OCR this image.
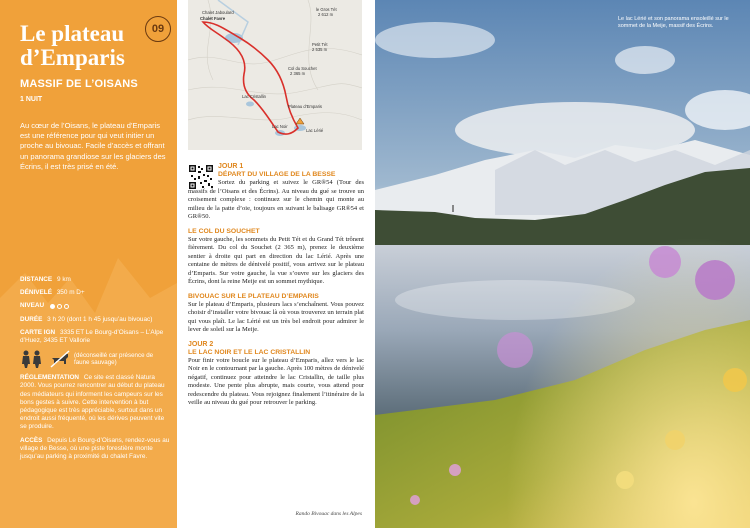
Le plateau d’Emparis
09
MASSIF DE L’OISANS
1 NUIT
Au cœur de l’Oisans, le plateau d’Emparis est une référence pour qui veut initier un proche au bivouac. Facile d’accès et offrant un panorama grandiose sur les glaciers des Écrins, il est très prisé en été.
DISTANCE 9 km
DÉNIVELÉ 350 m D+
NIVEAU
DURÉE 3 h 20 (dont 1 h 45 jusqu’au bivouac)
CARTE IGN 3335 ET Le Bourg-d’Oisans – L’Alpe d’Huez, 3435 ET Vallorie
(déconseillé car présence de faune sauvage)
RÉGLEMENTATION Ce site est classé Natura 2000. Vous pourrez rencontrer au début du plateau des médiateurs qui informent les campeurs sur les bons gestes à suivre. Cette intervention à but pédagogique est très appréciable, surtout dans un endroit aussi fréquenté, où les dérives peuvent vite se produire.
ACCÈS Depuis Le Bourg-d’Oisans, rendez-vous au village de Besse, où une piste forestière monte jusqu’au parking à proximité du chalet Favre.
Chalet Jaboulard
Chalet Favre
le Gros Tét
2 612 m
Petit Tét
2 535 m
Col du Souchet
2 365 m
Lac Cristallin
Plateau d’Emparis
Lac Noir
Lac Lérié
JOUR 1
DÉPART DU VILLAGE DE LA BESSE
Sortez du parking et suivez le GR®54 (Tour des massifs de l’Oisans et des Écrins). Au niveau du gué se trouve un croisement complexe : continuez sur le chemin qui monte au milieu de la patte d’oie, toujours en suivant le balisage GR®54 et GR®50.
LE COL DU SOUCHET
Sur votre gauche, les sommets du Petit Tét et du Grand Tét trônent fièrement. Du col du Souchet (2 365 m), prenez le deuxième sentier à droite qui part en direction du lac Lérié. Après une centaine de mètres de dénivelé positif, vous arrivez sur le plateau d’Emparis. Sur votre gauche, la vue s’ouvre sur les glaciers des Écrins, dont la reine Meije est un sommet mythique.
BIVOUAC SUR LE PLATEAU D’EMPARIS
Sur le plateau d’Emparis, plusieurs lacs s’enchaînent. Vous pouvez choisir d’installer votre bivouac là où vous trouverez un terrain plat qui vous plaît. Le lac Lérié est un très bel endroit pour admirer le lever de soleil sur la Meije.
JOUR 2
LE LAC NOIR ET LE LAC CRISTALLIN
Pour finir votre boucle sur le plateau d’Emparis, allez vers le lac Noir en le contournant par la gauche. Après 100 mètres de dénivelé négatif, continuez pour atteindre le lac Cristallin, de taille plus modeste. Une pente plus abrupte, mais courte, vous attend pour redescendre du plateau. Vous rejoignez finalement l’itinéraire de la veille au niveau du gué pour retrouver le parking.
Rando Bivouac dans les Alpes
Le lac Lérié et son panorama ensoleillé sur le sommet de la Meije, massif des Écrins.
